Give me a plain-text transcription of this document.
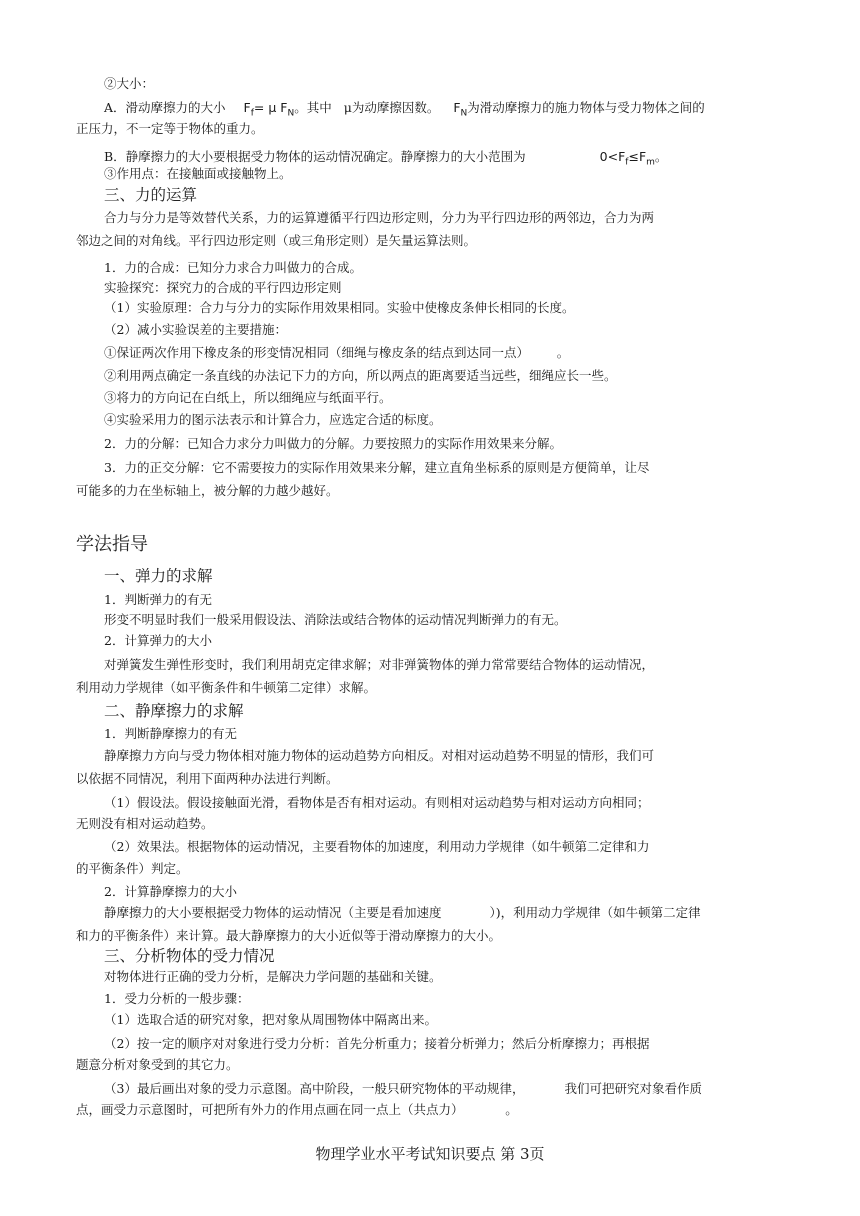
②大小：
A．滑动摩擦力的大小 $F_f= \mu$ $F_N$。其中 μ为动摩擦因数。 $F_N$为滑动摩擦力的施力物体与受力物体之间的
正压力，不一定等于物体的重力。
B．静摩擦力的大小要根据受力物体的运动情况确定。静摩擦力的大小范围为	$0<F_f\le F_m$。
③作用点：在接触面或接触物上。
三、力的运算
合力与分力是等效替代关系，力的运算遵循平行四边形定则，分力为平行四边形的两邻边，合力为两
邻边之间的对角线。平行四边形定则（或三角形定则）是矢量运算法则。
1．力的合成：已知分力求合力叫做力的合成。
实验探究：探究力的合成的平行四边形定则
（1）实验原理：合力与分力的实际作用效果相同。实验中使橡皮条伸长相同的长度。
（2）减小实验误差的主要措施：
①保证两次作用下橡皮条的形变情况相同（细绳与橡皮条的结点到达同一点）	。
②利用两点确定一条直线的办法记下力的方向，所以两点的距离要适当远些，细绳应长一些。
③将力的方向记在白纸上，所以细绳应与纸面平行。
④实验采用力的图示法表示和计算合力，应选定合适的标度。
2．力的分解：已知合力求分力叫做力的分解。力要按照力的实际作用效果来分解。
3．力的正交分解：它不需要按力的实际作用效果来分解，建立直角坐标系的原则是方便简单，让尽
可能多的力在坐标轴上，被分解的力越少越好。
学法指导
一、弹力的求解
1．判断弹力的有无
形变不明显时我们一般采用假设法、消除法或结合物体的运动情况判断弹力的有无。
2．计算弹力的大小
对弹簧发生弹性形变时，我们利用胡克定律求解；对非弹簧物体的弹力常常要结合物体的运动情况，
利用动力学规律（如平衡条件和牛顿第二定律）求解。
二、静摩擦力的求解
1．判断静摩擦力的有无
静摩擦力方向与受力物体相对施力物体的运动趋势方向相反。对相对运动趋势不明显的情形，我们可
以依据不同情况，利用下面两种办法进行判断。
（1）假设法。假设接触面光滑，看物体是否有相对运动。有则相对运动趋势与相对运动方向相同；
无则没有相对运动趋势。
（2）效果法。根据物体的运动情况，主要看物体的加速度，利用动力学规律（如牛顿第二定律和力
的平衡条件）判定。
2．计算静摩擦力的大小
静摩擦力的大小要根据受力物体的运动情况（主要是看加速度	）)，利用动力学规律（如牛顿第二定律
和力的平衡条件）来计算。最大静摩擦力的大小近似等于滑动摩擦力的大小。
三、分析物体的受力情况
对物体进行正确的受力分析，是解决力学问题的基础和关键。
1．受力分析的一般步骤：
（1）选取合适的研究对象，把对象从周围物体中隔离出来。
（2）按一定的顺序对对象进行受力分析：首先分析重力；接着分析弹力；然后分析摩擦力；再根据
题意分析对象受到的其它力。
（3）最后画出对象的受力示意图。高中阶段，一般只研究物体的平动规律，	我们可把研究对象看作质
点，画受力示意图时，可把所有外力的作用点画在同一点上（共点力）	。
物理学业水平考试知识要点 第 3页
